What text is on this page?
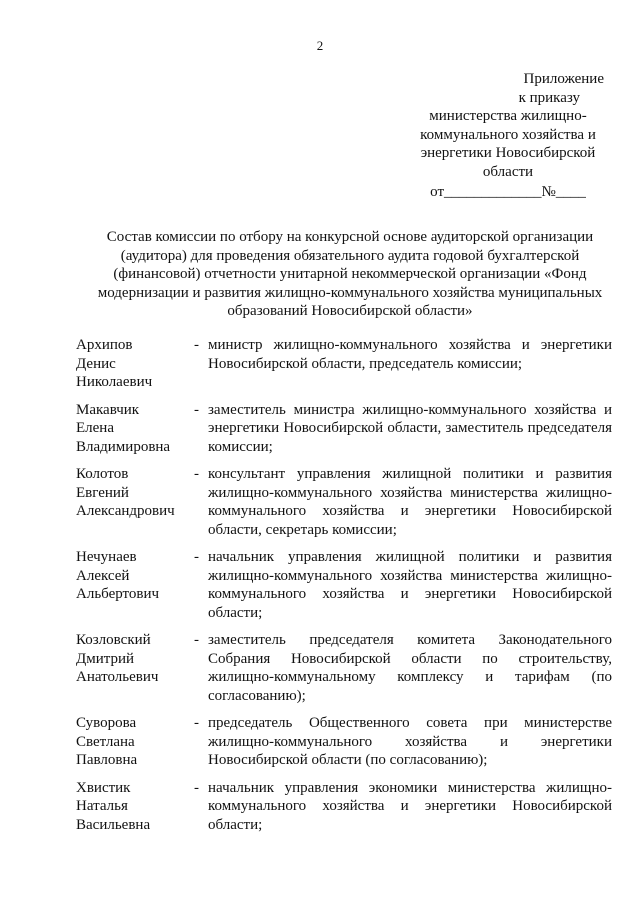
2
Приложение
к приказу
министерства жилищно-
коммунального хозяйства и
энергетики Новосибирской
области
от_____________№____
Состав комиссии по отбору на конкурсной основе аудиторской организации (аудитора) для проведения обязательного аудита годовой бухгалтерской (финансовой) отчетности унитарной некоммерческой организации «Фонд модернизации и развития жилищно-коммунального хозяйства муниципальных образований Новосибирской области»
Архипов
Денис
Николаевич
- министр жилищно-коммунального хозяйства и энергетики Новосибирской области, председатель комиссии;
Макавчик
Елена
Владимировна
- заместитель министра жилищно-коммунального хозяйства и энергетики Новосибирской области, заместитель председателя комиссии;
Колотов
Евгений
Александрович
- консультант управления жилищной политики и развития жилищно-коммунального хозяйства министерства жилищно-коммунального хозяйства и энергетики Новосибирской области, секретарь комиссии;
Нечунаев
Алексей
Альбертович
- начальник управления жилищной политики и развития жилищно-коммунального хозяйства министерства жилищно-коммунального хозяйства и энергетики Новосибирской области;
Козловский
Дмитрий
Анатольевич
- заместитель председателя комитета Законодательного Собрания Новосибирской области по строительству, жилищно-коммунальному комплексу и тарифам (по согласованию);
Суворова
Светлана
Павловна
- председатель Общественного совета при министерстве жилищно-коммунального хозяйства и энергетики Новосибирской области (по согласованию);
Хвистик
Наталья
Васильевна
- начальник управления экономики министерства жилищно-коммунального хозяйства и энергетики Новосибирской области;
